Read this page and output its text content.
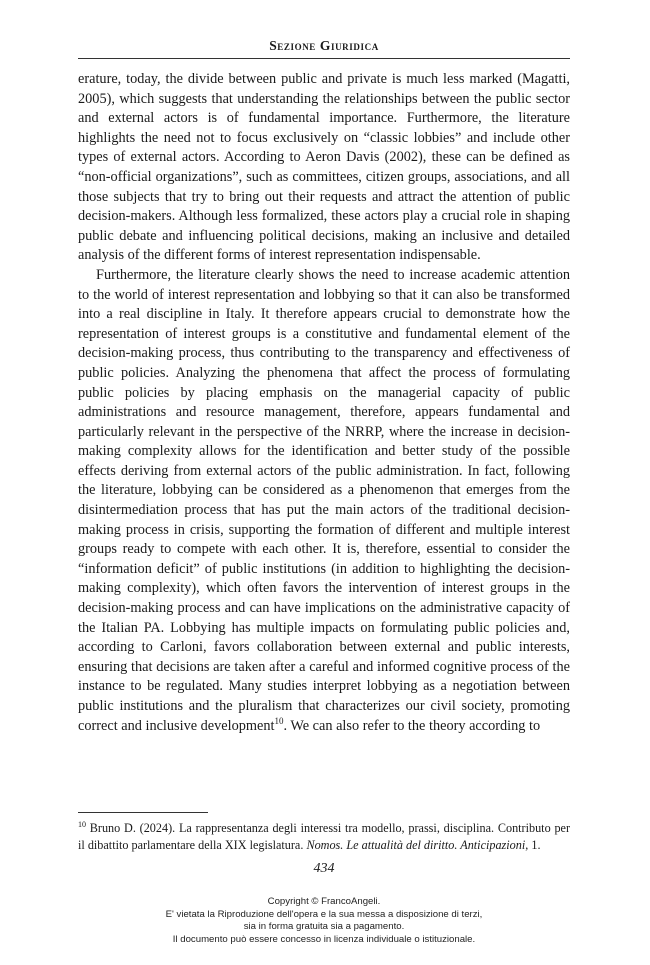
Sezione Giuridica

erature, today, the divide between public and private is much less marked (Magatti, 2005), which suggests that understanding the relationships between the public sector and external actors is of fundamental importance. Furthermore, the literature highlights the need not to focus exclusively on “classic lobbies” and include other types of external actors. According to Aeron Davis (2002), these can be defined as “non-official organizations”, such as committees, citizen groups, associations, and all those subjects that try to bring out their requests and attract the attention of public decision-makers. Although less formalized, these actors play a crucial role in shaping public debate and influencing political decisions, making an inclusive and detailed analysis of the different forms of interest representation indispensable.

Furthermore, the literature clearly shows the need to increase academic attention to the world of interest representation and lobbying so that it can also be transformed into a real discipline in Italy. It therefore appears crucial to demonstrate how the representation of interest groups is a constitutive and fundamental element of the decision-making process, thus contributing to the transparency and effectiveness of public policies. Analyzing the phenomena that affect the process of formulating public policies by placing emphasis on the managerial capacity of public administrations and resource management, therefore, appears fundamental and particularly relevant in the perspective of the NRRP, where the increase in decision-making complexity allows for the identification and better study of the possible effects deriving from external actors of the public administration. In fact, following the literature, lobbying can be considered as a phenomenon that emerges from the disintermediation process that has put the main actors of the traditional decision-making process in crisis, supporting the formation of different and multiple interest groups ready to compete with each other. It is, therefore, essential to consider the “information deficit” of public institutions (in addition to highlighting the decision-making complexity), which often favors the intervention of interest groups in the decision-making process and can have implications on the administrative capacity of the Italian PA. Lobbying has multiple impacts on formulating public policies and, according to Carloni, favors collaboration between external and public interests, ensuring that decisions are taken after a careful and informed cognitive process of the instance to be regulated. Many studies interpret lobbying as a negotiation between public institutions and the pluralism that characterizes our civil society, promoting correct and inclusive development$^{10}$. We can also refer to the theory according to

$^{10}$ Bruno D. (2024). La rappresentanza degli interessi tra modello, prassi, disciplina. Contributo per il dibattito parlamentare della XIX legislatura. Nomos. Le attualità del diritto. Anticipazioni, 1.
434
Copyright © FrancoAngeli.
E' vietata la Riproduzione dell'opera e la sua messa a disposizione di terzi,
sia in forma gratuita sia a pagamento.
Il documento può essere concesso in licenza individuale o istituzionale.
